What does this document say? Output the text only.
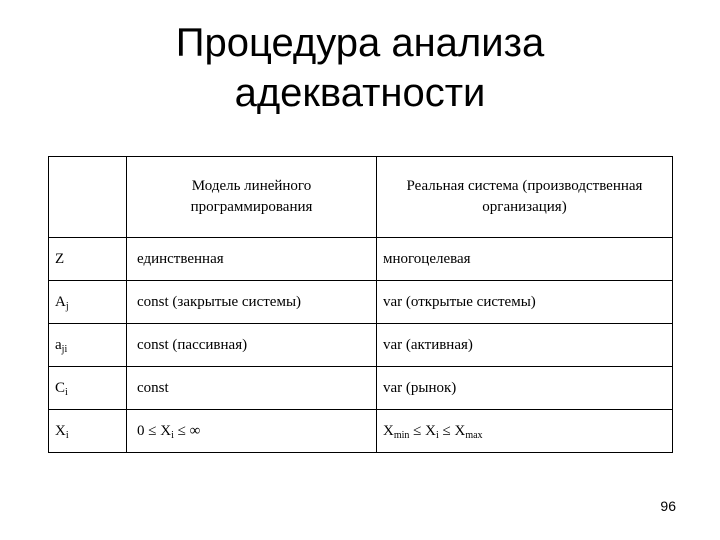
Процедура анализа
адекватности
	Модель линейного программирования	Реальная система (производственная организация)
Z	единственная	многоцелевая
$A_j$	const (закрытые системы)	var (открытые системы)
$a_{ji}$	const (пассивная)	var (активная)
$C_i$	const	var (рынок)
$X_i$	$0 \le X_i$ ≤ ∞	$X_{min} \le X_i \le X_{max}$
96
